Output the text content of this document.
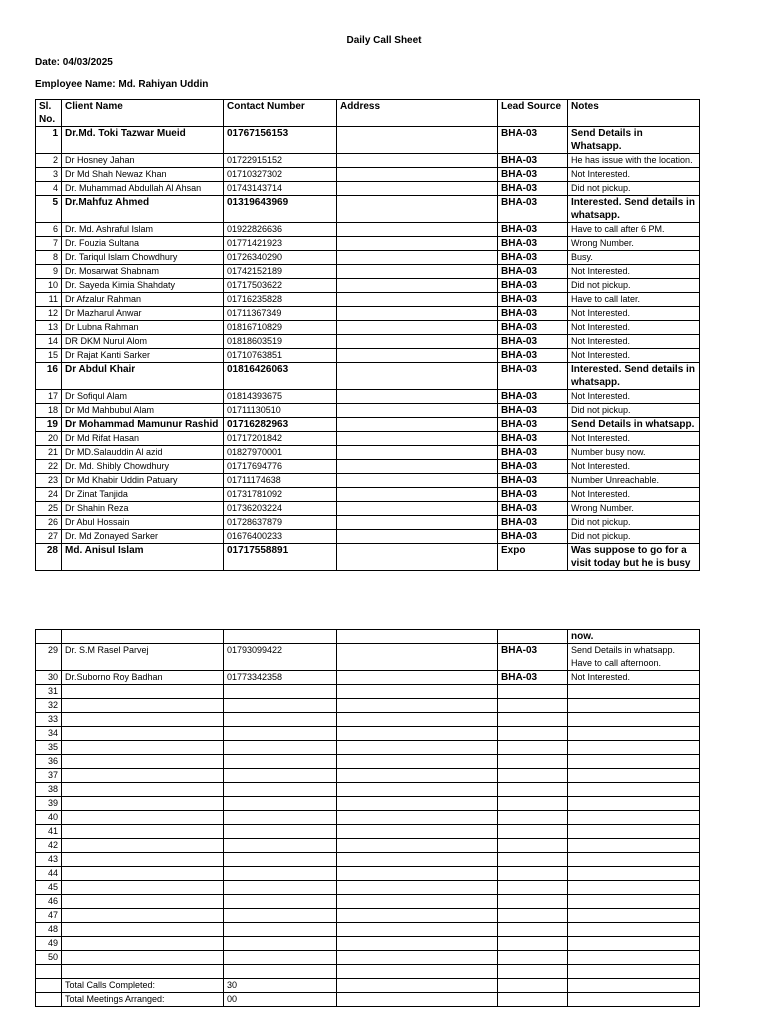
Daily Call Sheet
Date: 04/03/2025
Employee Name: Md. Rahiyan Uddin
Sl. No.	Client Name	Contact Number	Address	Lead Source	Notes
1	Dr.Md. Toki Tazwar Mueid	01767156153		BHA-03	Send Details in Whatsapp.
2	Dr Hosney Jahan	01722915152		BHA-03	He has issue with the location.
3	Dr Md Shah Newaz Khan	01710327302		BHA-03	Not Interested.
4	Dr. Muhammad Abdullah Al Ahsan	01743143714		BHA-03	Did not pickup.
5	Dr.Mahfuz Ahmed	01319643969		BHA-03	Interested. Send details in whatsapp.
6	Dr. Md. Ashraful Islam	01922826636		BHA-03	Have to call after 6 PM.
7	Dr. Fouzia Sultana	01771421923		BHA-03	Wrong Number.
8	Dr. Tariqul Islam Chowdhury	01726340290		BHA-03	Busy.
9	Dr. Mosarwat Shabnam	01742152189		BHA-03	Not Interested.
10	Dr. Sayeda Kimia Shahdaty	01717503622		BHA-03	Did not pickup.
11	Dr Afzalur Rahman	01716235828		BHA-03	Have to call later.
12	Dr Mazharul Anwar	01711367349		BHA-03	Not Interested.
13	Dr Lubna Rahman	01816710829		BHA-03	Not Interested.
14	DR DKM Nurul Alom	01818603519		BHA-03	Not Interested.
15	Dr Rajat Kanti Sarker	01710763851		BHA-03	Not Interested.
16	Dr Abdul Khair	01816426063		BHA-03	Interested. Send details in whatsapp.
17	Dr Sofiqul Alam	01814393675		BHA-03	Not Interested.
18	Dr Md Mahbubul Alam	01711130510		BHA-03	Did not pickup.
19	Dr Mohammad Mamunur Rashid	01716282963		BHA-03	Send Details in whatsapp.
20	Dr Md Rifat Hasan	01717201842		BHA-03	Not Interested.
21	Dr MD.Salauddin Al azid	01827970001		BHA-03	Number busy now.
22	Dr. Md. Shibly Chowdhury	01717694776		BHA-03	Not Interested.
23	Dr Md Khabir Uddin Patuary	01711174638		BHA-03	Number Unreachable.
24	Dr Zinat Tanjida	01731781092		BHA-03	Not Interested.
25	Dr Shahin Reza	01736203224		BHA-03	Wrong Number.
26	Dr Abul Hossain	01728637879		BHA-03	Did not pickup.
27	Dr. Md Zonayed Sarker	01676400233		BHA-03	Did not pickup.
28	Md. Anisul Islam	01717558891		Expo	Was suppose to go for a visit today but he is busy
					now.
29	Dr. S.M Rasel Parvej	01793099422		BHA-03	Send Details in whatsapp. Have to call afternoon.
30	Dr.Suborno Roy Badhan	01773342358		BHA-03	Not Interested.
31					
32					
33					
34					
35					
36					
37					
38					
39					
40					
41					
42					
43					
44					
45					
46					
47					
48					
49					
50					

	Total Calls Completed:	30			
	Total Meetings Arranged:	00			
